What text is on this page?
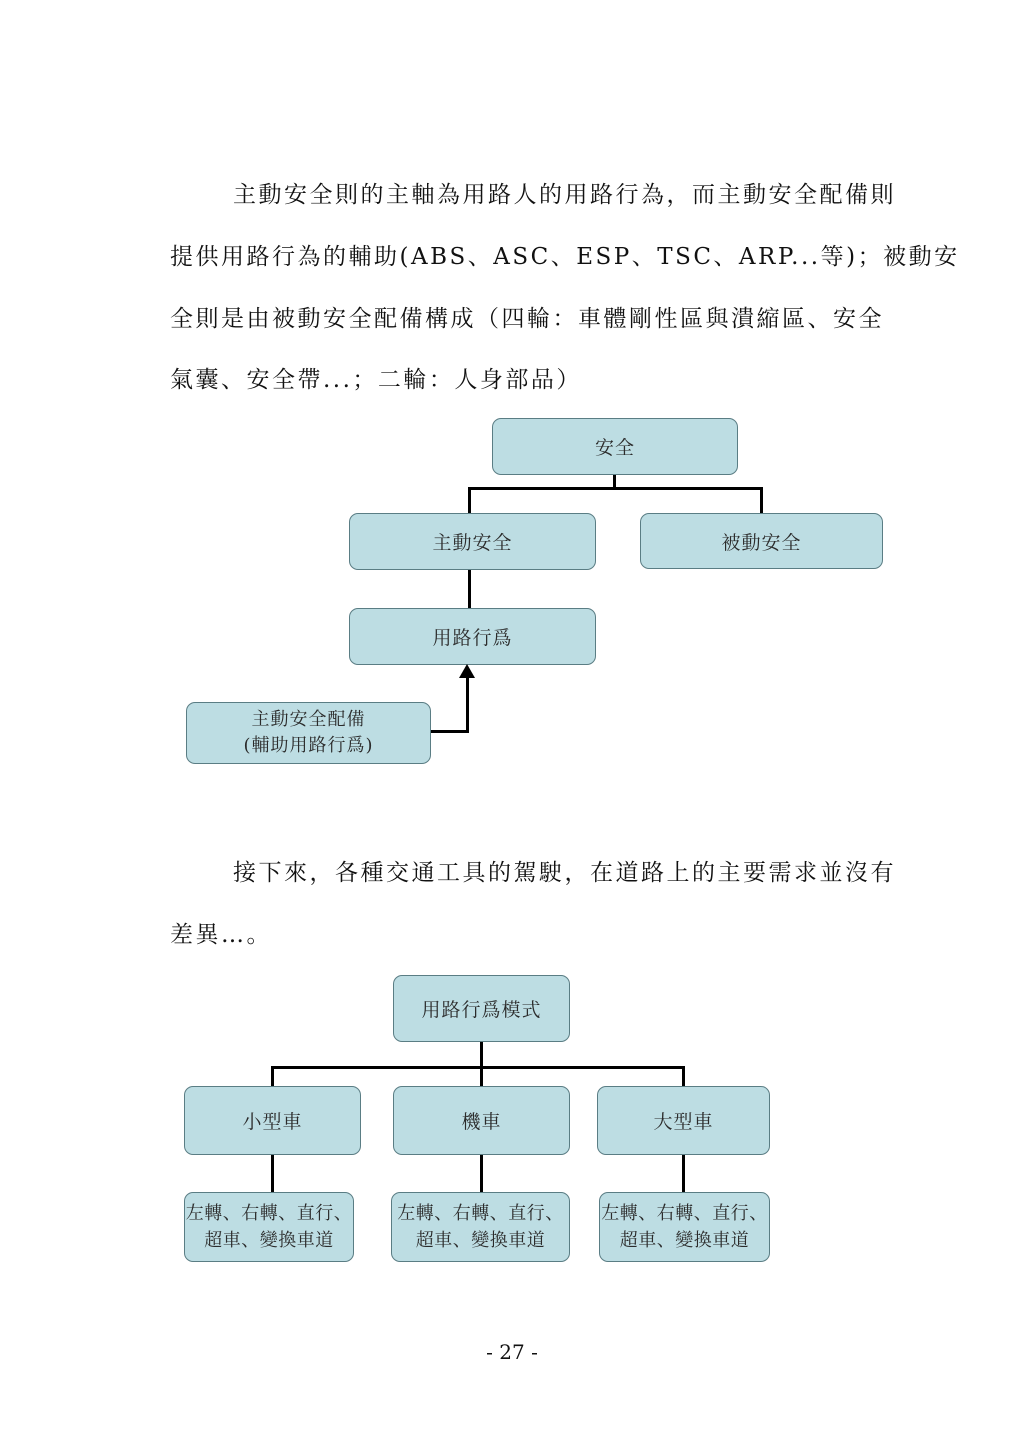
主動安全則的主軸為用路人的用路行為，而主動安全配備則
提供用路行為的輔助(ABS、ASC、ESP、TSC、ARP...等)；被動安
全則是由被動安全配備構成（四輪：車體剛性區與潰縮區、安全
氣囊、安全帶...；二輪：人身部品）
安全
主動安全	被動安全
用路行爲
主動安全配備
(輔助用路行爲)
接下來，各種交通工具的駕駛，在道路上的主要需求並沒有
差異…。
用路行爲模式
小型車	機車	大型車
左轉、右轉、直行、
超車、變換車道
左轉、右轉、直行、
超車、變換車道
左轉、右轉、直行、
超車、變換車道
- 27 -
